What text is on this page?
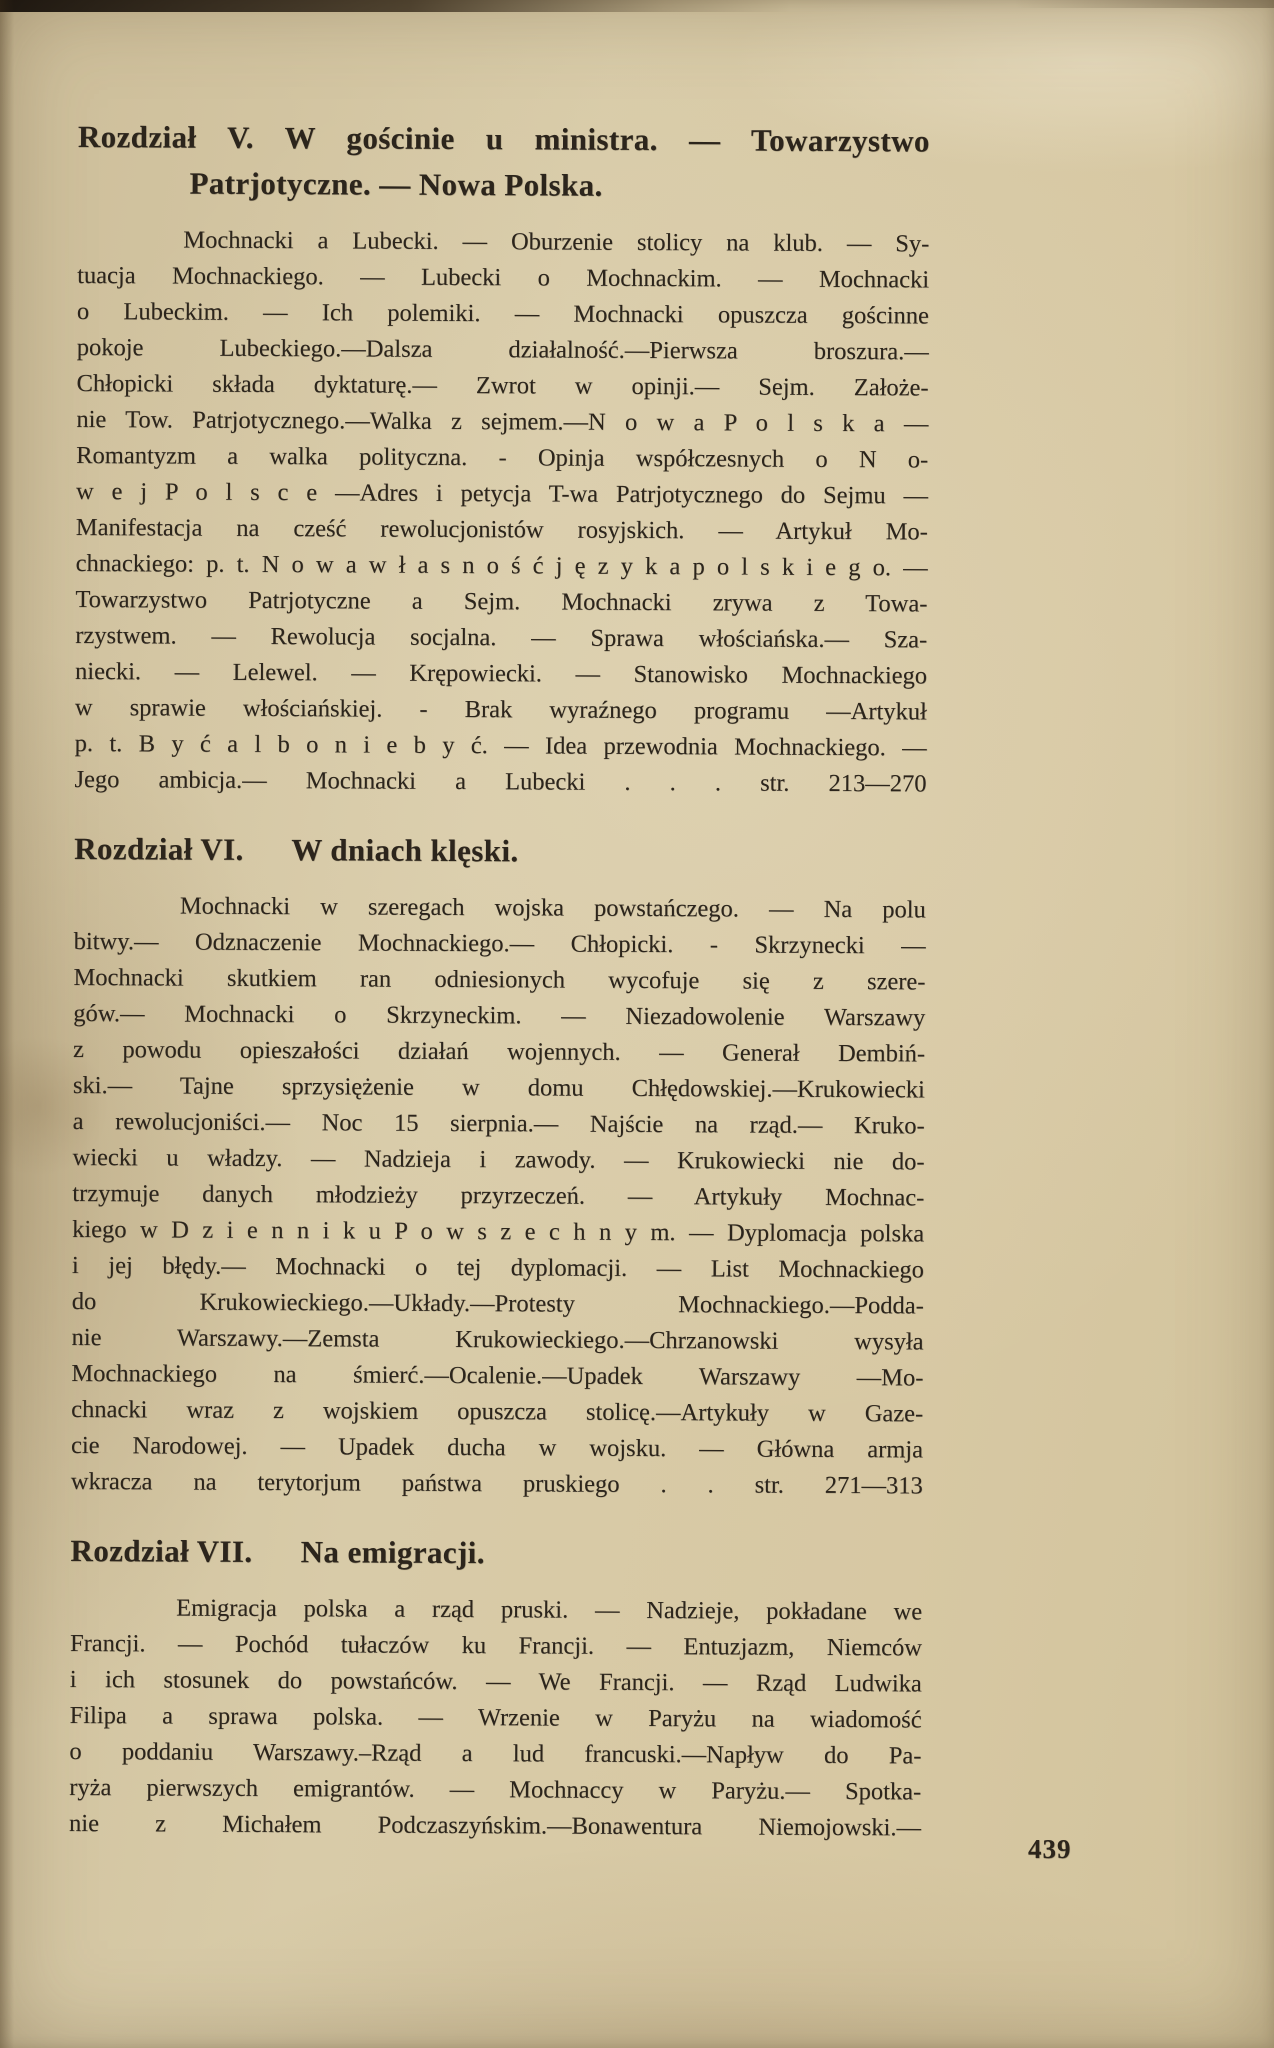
Rozdział V. W gościnie u ministra. — Towarzystwo
Patrjotyczne. — Nowa Polska.

Mochnacki a Lubecki. — Oburzenie stolicy na klub. — Sy-
tuacja Mochnackiego. — Lubecki o Mochnackim. — Mochnacki
o Lubeckim. — Ich polemiki. — Mochnacki opuszcza gościnne
pokoje Lubeckiego.—Dalsza działalność.—Pierwsza broszura.—
Chłopicki składa dyktaturę.— Zwrot w opinji.— Sejm. Założe-
nie Tow. Patrjotycznego.—Walka z sejmem.—N o w a P o l s k a —
Romantyzm a walka polityczna. - Opinja współczesnych o N o-
w e j P o l s c e —Adres i petycja T-wa Patrjotycznego do Sejmu —
Manifestacja na cześć rewolucjonistów rosyjskich. — Artykuł Mo-
chnackiego: p. t. N o w a w ł a s n o ś ć j ę z y k a p o l s k i e g o. —
Towarzystwo Patrjotyczne a Sejm. Mochnacki zrywa z Towa-
rzystwem. — Rewolucja socjalna. — Sprawa włościańska.— Sza-
niecki. — Lelewel. — Krępowiecki. — Stanowisko Mochnackiego
w sprawie włościańskiej. - Brak wyraźnego programu —Artykuł
p. t. B y ć a l b o n i e b y ć. — Idea przewodnia Mochnackiego. —
Jego ambicja.— Mochnacki a Lubecki . . . str. 213—270

Rozdział VI. W dniach klęski.

Mochnacki w szeregach wojska powstańczego. — Na polu
bitwy.— Odznaczenie Mochnackiego.— Chłopicki. - Skrzynecki —
Mochnacki skutkiem ran odniesionych wycofuje się z szere-
gów.— Mochnacki o Skrzyneckim. — Niezadowolenie Warszawy
z powodu opieszałości działań wojennych. — Generał Dembiń-
ski.— Tajne sprzysiężenie w domu Chłędowskiej.—Krukowiecki
a rewolucjoniści.— Noc 15 sierpnia.— Najście na rząd.— Kruko-
wiecki u władzy. — Nadzieja i zawody. — Krukowiecki nie do-
trzymuje danych młodzieży przyrzeczeń. — Artykuły Mochnac-
kiego w D z i e n n i k u P o w s z e c h n y m. — Dyplomacja polska
i jej błędy.— Mochnacki o tej dyplomacji. — List Mochnackiego
do Krukowieckiego.—Układy.—Protesty Mochnackiego.—Podda-
nie Warszawy.—Zemsta Krukowieckiego.—Chrzanowski wysyła
Mochnackiego na śmierć.—Ocalenie.—Upadek Warszawy —Mo-
chnacki wraz z wojskiem opuszcza stolicę.—Artykuły w Gaze-
cie Narodowej. — Upadek ducha w wojsku. — Główna armja
wkracza na terytorjum państwa pruskiego . . str. 271—313

Rozdział VII. Na emigracji.

Emigracja polska a rząd pruski. — Nadzieje, pokładane we
Francji. — Pochód tułaczów ku Francji. — Entuzjazm, Niemców
i ich stosunek do powstańców. — We Francji. — Rząd Ludwika
Filipa a sprawa polska. — Wrzenie w Paryżu na wiadomość
o poddaniu Warszawy.–Rząd a lud francuski.—Napływ do Pa-
ryża pierwszych emigrantów. — Mochnaccy w Paryżu.— Spotka-
nie z Michałem Podczaszyńskim.—Bonawentura Niemojowski.—

439
